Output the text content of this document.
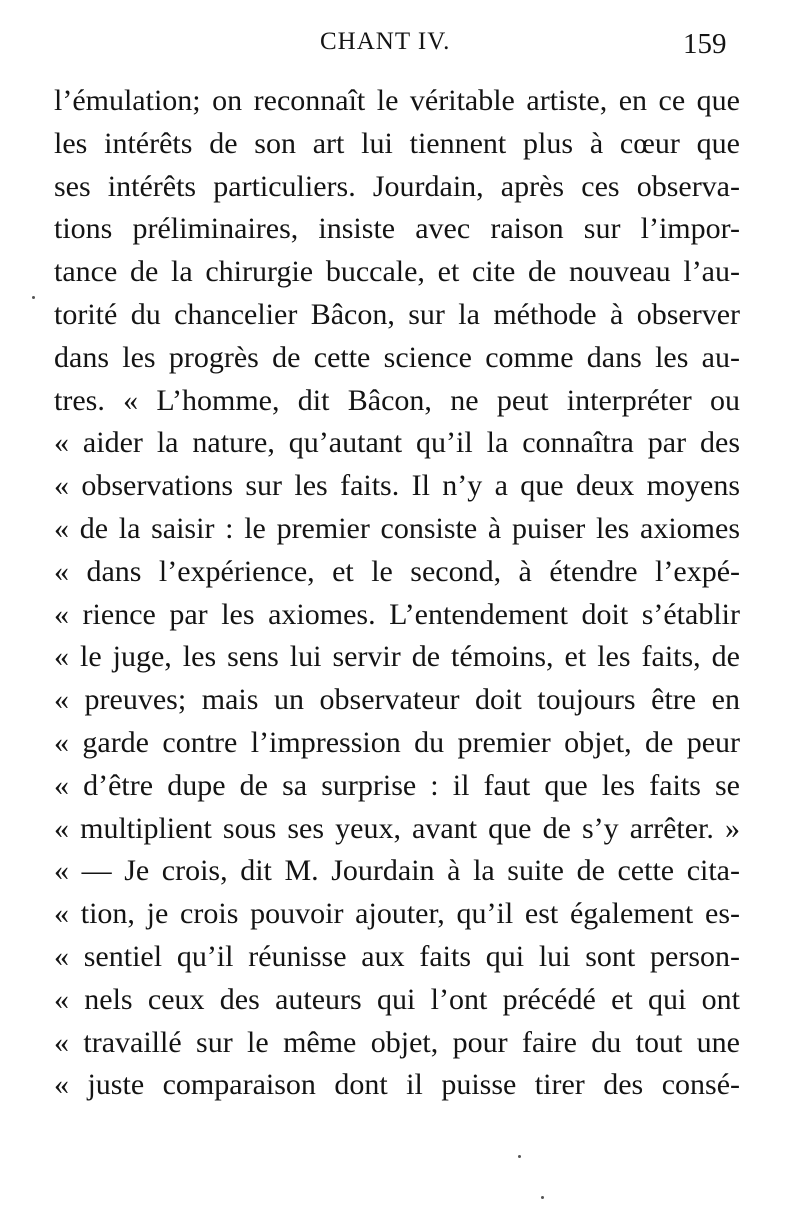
CHANT IV.	159
l’émulation; on reconnaît le véritable artiste, en ce que
les intérêts de son art lui tiennent plus à cœur que
ses intérêts particuliers. Jourdain, après ces observa-
tions préliminaires, insiste avec raison sur l’impor-
tance de la chirurgie buccale, et cite de nouveau l’au-
torité du chancelier Bâcon, sur la méthode à observer
dans les progrès de cette science comme dans les au-
tres. « L’homme, dit Bâcon, ne peut interpréter ou
« aider la nature, qu’autant qu’il la connaîtra par des
« observations sur les faits. Il n’y a que deux moyens
« de la saisir : le premier consiste à puiser les axiomes
« dans l’expérience, et le second, à étendre l’expé-
« rience par les axiomes. L’entendement doit s’établir
« le juge, les sens lui servir de témoins, et les faits, de
« preuves; mais un observateur doit toujours être en
« garde contre l’impression du premier objet, de peur
« d’être dupe de sa surprise : il faut que les faits se
« multiplient sous ses yeux, avant que de s’y arrêter. »
« — Je crois, dit M. Jourdain à la suite de cette cita-
« tion, je crois pouvoir ajouter, qu’il est également es-
« sentiel qu’il réunisse aux faits qui lui sont person-
« nels ceux des auteurs qui l’ont précédé et qui ont
« travaillé sur le même objet, pour faire du tout une
« juste comparaison dont il puisse tirer des consé-
